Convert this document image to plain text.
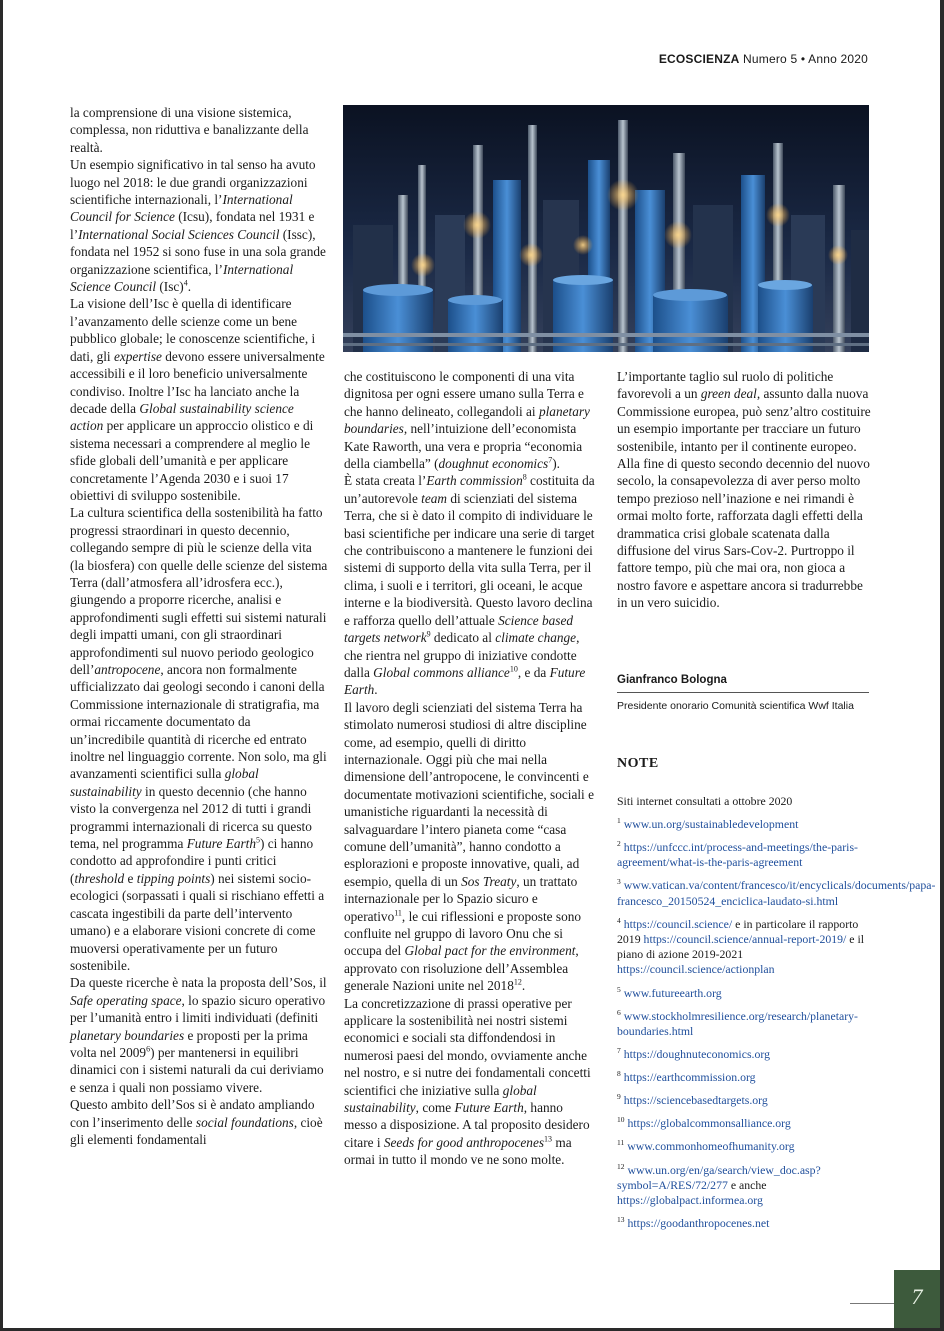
ECOSCIENZA Numero 5 • Anno 2020

la comprensione di una visione sistemica, complessa, non riduttiva e banalizzante della realtà.

Un esempio significativo in tal senso ha avuto luogo nel 2018: le due grandi organizzazioni scientifiche internazionali, l’International Council for Science (Icsu), fondata nel 1931 e l’International Social Sciences Council (Issc), fondata nel 1952 si sono fuse in una sola grande organizzazione scientifica, l’International Science Council (Isc)$^4$.

La visione dell’Isc è quella di identificare l’avanzamento delle scienze come un bene pubblico globale; le conoscenze scientifiche, i dati, gli expertise devono essere universalmente accessibili e il loro beneficio universalmente condiviso. Inoltre l’Isc ha lanciato anche la decade della Global sustainability science action per applicare un approccio olistico e di sistema necessari a comprendere al meglio le sfide globali dell’umanità e per applicare concretamente l’Agenda 2030 e i suoi 17 obiettivi di sviluppo sostenibile.

La cultura scientifica della sostenibilità ha fatto progressi straordinari in questo decennio, collegando sempre di più le scienze della vita (la biosfera) con quelle delle scienze del sistema Terra (dall’atmosfera all’idrosfera ecc.), giungendo a proporre ricerche, analisi e approfondimenti sugli effetti sui sistemi naturali degli impatti umani, con gli straordinari approfondimenti sul nuovo periodo geologico dell’antropocene, ancora non formalmente ufficializzato dai geologi secondo i canoni della Commissione internazionale di stratigrafia, ma ormai riccamente documentato da un’incredibile quantità di ricerche ed entrato inoltre nel linguaggio corrente. Non solo, ma gli avanzamenti scientifici sulla global sustainability in questo decennio (che hanno visto la convergenza nel 2012 di tutti i grandi programmi internazionali di ricerca su questo tema, nel programma Future Earth$^5$) ci hanno condotto ad approfondire i punti critici (threshold e tipping points) nei sistemi socio-ecologici (sorpassati i quali si rischiano effetti a cascata ingestibili da parte dell’intervento umano) e a elaborare visioni concrete di come muoversi operativamente per un futuro sostenibile.

Da queste ricerche è nata la proposta dell’Sos, il Safe operating space, lo spazio sicuro operativo per l’umanità entro i limiti individuati (definiti planetary boundaries e proposti per la prima volta nel 2009$^6$) per mantenersi in equilibri dinamici con i sistemi naturali da cui deriviamo e senza i quali non possiamo vivere.

Questo ambito dell’Sos si è andato ampliando con l’inserimento delle social foundations, cioè gli elementi fondamentali

che costituiscono le componenti di una vita dignitosa per ogni essere umano sulla Terra e che hanno delineato, collegandoli ai planetary boundaries, nell’intuizione dell’economista Kate Raworth, una vera e propria “economia della ciambella” (doughnut economics$^7$).

È stata creata l’Earth commission$^8$ costituita da un’autorevole team di scienziati del sistema Terra, che si è dato il compito di individuare le basi scientifiche per indicare una serie di target che contribuiscono a mantenere le funzioni dei sistemi di supporto della vita sulla Terra, per il clima, i suoli e i territori, gli oceani, le acque interne e la biodiversità. Questo lavoro declina e rafforza quello dell’attuale Science based targets network$^9$ dedicato al climate change, che rientra nel gruppo di iniziative condotte dalla Global commons alliance$^{10}$, e da Future Earth.

Il lavoro degli scienziati del sistema Terra ha stimolato numerosi studiosi di altre discipline come, ad esempio, quelli di diritto internazionale. Oggi più che mai nella dimensione dell’antropocene, le convincenti e documentate motivazioni scientifiche, sociali e umanistiche riguardanti la necessità di salvaguardare l’intero pianeta come “casa comune dell’umanità”, hanno condotto a esplorazioni e proposte innovative, quali, ad esempio, quella di un Sos Treaty, un trattato internazionale per lo Spazio sicuro e operativo$^{11}$, le cui riflessioni e proposte sono confluite nel gruppo di lavoro Onu che si occupa del Global pact for the environment, approvato con risoluzione dell’Assemblea generale Nazioni unite nel 2018$^{12}$.

La concretizzazione di prassi operative per applicare la sostenibilità nei nostri sistemi economici e sociali sta diffondendosi in numerosi paesi del mondo, ovviamente anche nel nostro, e si nutre dei fondamentali concetti scientifici che iniziative sulla global sustainability, come Future Earth, hanno messo a disposizione. A tal proposito desidero citare i Seeds for good anthropocenes$^{13}$ ma ormai in tutto il mondo ve ne sono molte.

L’importante taglio sul ruolo di politiche favorevoli a un green deal, assunto dalla nuova Commissione europea, può senz’altro costituire un esempio importante per tracciare un futuro sostenibile, intanto per il continente europeo.

Alla fine di questo secondo decennio del nuovo secolo, la consapevolezza di aver perso molto tempo prezioso nell’inazione e nei rimandi è ormai molto forte, rafforzata dagli effetti della drammatica crisi globale scatenata dalla diffusione del virus Sars-Cov-2. Purtroppo il fattore tempo, più che mai ora, non gioca a nostro favore e aspettare ancora si tradurrebbe in un vero suicidio.

Gianfranco Bologna
Presidente onorario Comunità scientifica Wwf Italia
NOTE
Siti internet consultati a ottobre 2020
$^1$ www.un.org/sustainabledevelopment
$^2$ https://unfccc.int/process-and-meetings/the-paris-agreement/what-is-the-paris-agreement
$^3$ www.vatican.va/content/francesco/it/encyclicals/documents/papa-francesco_20150524_enciclica-laudato-si.html
$^4$ https://council.science/ e in particolare il rapporto 2019 https://council.science/annual-report-2019/ e il piano di azione 2019-2021 https://council.science/actionplan
$^5$ www.futureearth.org
$^6$ www.stockholmresilience.org/research/planetary-boundaries.html
$^7$ https://doughnuteconomics.org
$^8$ https://earthcommission.org
$^9$ https://sciencebasedtargets.org
$^{10}$ https://globalcommonsalliance.org
$^{11}$ www.commonhomeofhumanity.org
$^{12}$ www.un.org/en/ga/search/view_doc.asp?symbol=A/RES/72/277 e anche https://globalpact.informea.org
$^{13}$ https://goodanthropocenes.net
7
